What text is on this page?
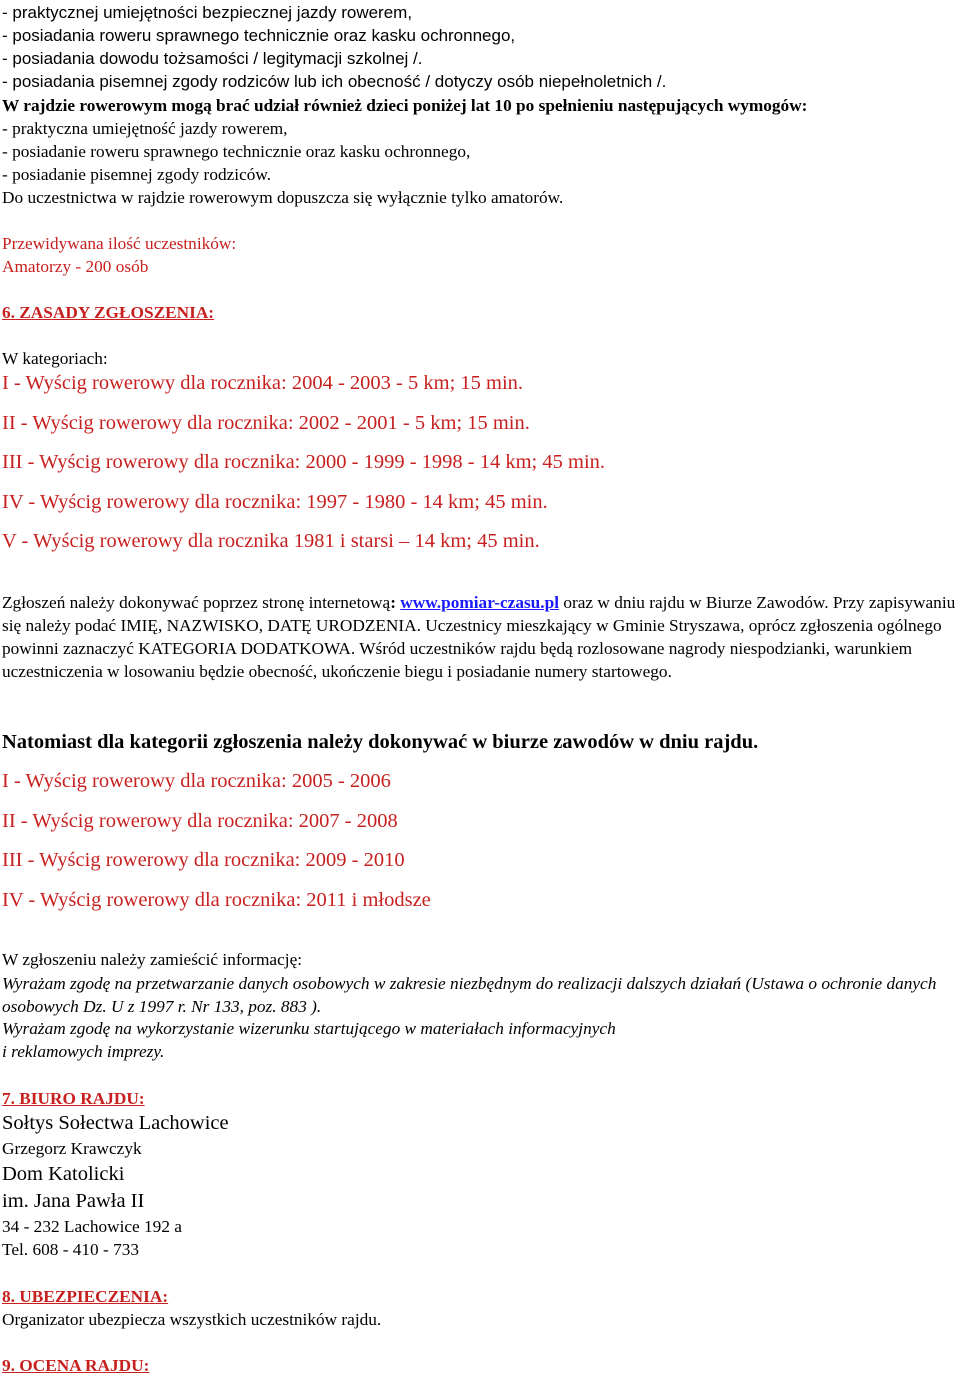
- praktycznej umiejętności bezpiecznej jazdy rowerem,
- posiadania roweru sprawnego technicznie oraz kasku ochronnego,
- posiadania dowodu tożsamości / legitymacji szkolnej /.
- posiadania pisemnej zgody rodziców lub ich obecność / dotyczy osób niepełnoletnich /.
W rajdzie rowerowym mogą brać udział również dzieci poniżej lat 10 po spełnieniu następujących wymogów:
- praktyczna umiejętność jazdy rowerem,
- posiadanie roweru sprawnego technicznie oraz kasku ochronnego,
- posiadanie pisemnej zgody rodziców.
Do uczestnictwa w rajdzie rowerowym dopuszcza się wyłącznie tylko amatorów.
Przewidywana ilość uczestników:
Amatorzy - 200 osób
6. ZASADY ZGŁOSZENIA:
W kategoriach:
I - Wyścig rowerowy dla rocznika: 2004 - 2003 - 5 km; 15 min.
II - Wyścig rowerowy dla rocznika: 2002 - 2001 - 5 km; 15 min.
III - Wyścig rowerowy dla rocznika: 2000 - 1999 - 1998 - 14 km; 45 min.
IV - Wyścig rowerowy dla rocznika: 1997 - 1980 - 14 km; 45 min.
V - Wyścig rowerowy dla rocznika 1981 i starsi – 14 km; 45 min.
Zgłoszeń należy dokonywać poprzez stronę internetową: www.pomiar-czasu.pl oraz w dniu rajdu w Biurze Zawodów. Przy zapisywaniu się należy podać IMIĘ, NAZWISKO, DATĘ URODZENIA. Uczestnicy mieszkający w Gminie Stryszawa, oprócz zgłoszenia ogólnego powinni zaznaczyć KATEGORIA DODATKOWA. Wśród uczestników rajdu będą rozlosowane nagrody niespodzianki, warunkiem uczestniczenia w losowaniu będzie obecność, ukończenie biegu i posiadanie numery startowego.
Natomiast dla kategorii zgłoszenia należy dokonywać w biurze zawodów w dniu rajdu.
I - Wyścig rowerowy dla rocznika: 2005 - 2006
II - Wyścig rowerowy dla rocznika: 2007 - 2008
III - Wyścig rowerowy dla rocznika: 2009 - 2010
IV - Wyścig rowerowy dla rocznika: 2011 i młodsze
W zgłoszeniu należy zamieścić informację:
Wyrażam zgodę na przetwarzanie danych osobowych w zakresie niezbędnym do realizacji dalszych działań (Ustawa o ochronie danych osobowych Dz. U z 1997 r. Nr 133, poz. 883 ).
Wyrażam zgodę na wykorzystanie wizerunku startującego w materiałach informacyjnych
i reklamowych imprezy.
7. BIURO RAJDU:
Sołtys Sołectwa Lachowice
Grzegorz Krawczyk
Dom Katolicki
im. Jana Pawła II
34 - 232 Lachowice 192 a
Tel. 608 - 410 - 733
8. UBEZPIECZENIA:
Organizator ubezpiecza wszystkich uczestników rajdu.
9. OCENA RAJDU:
